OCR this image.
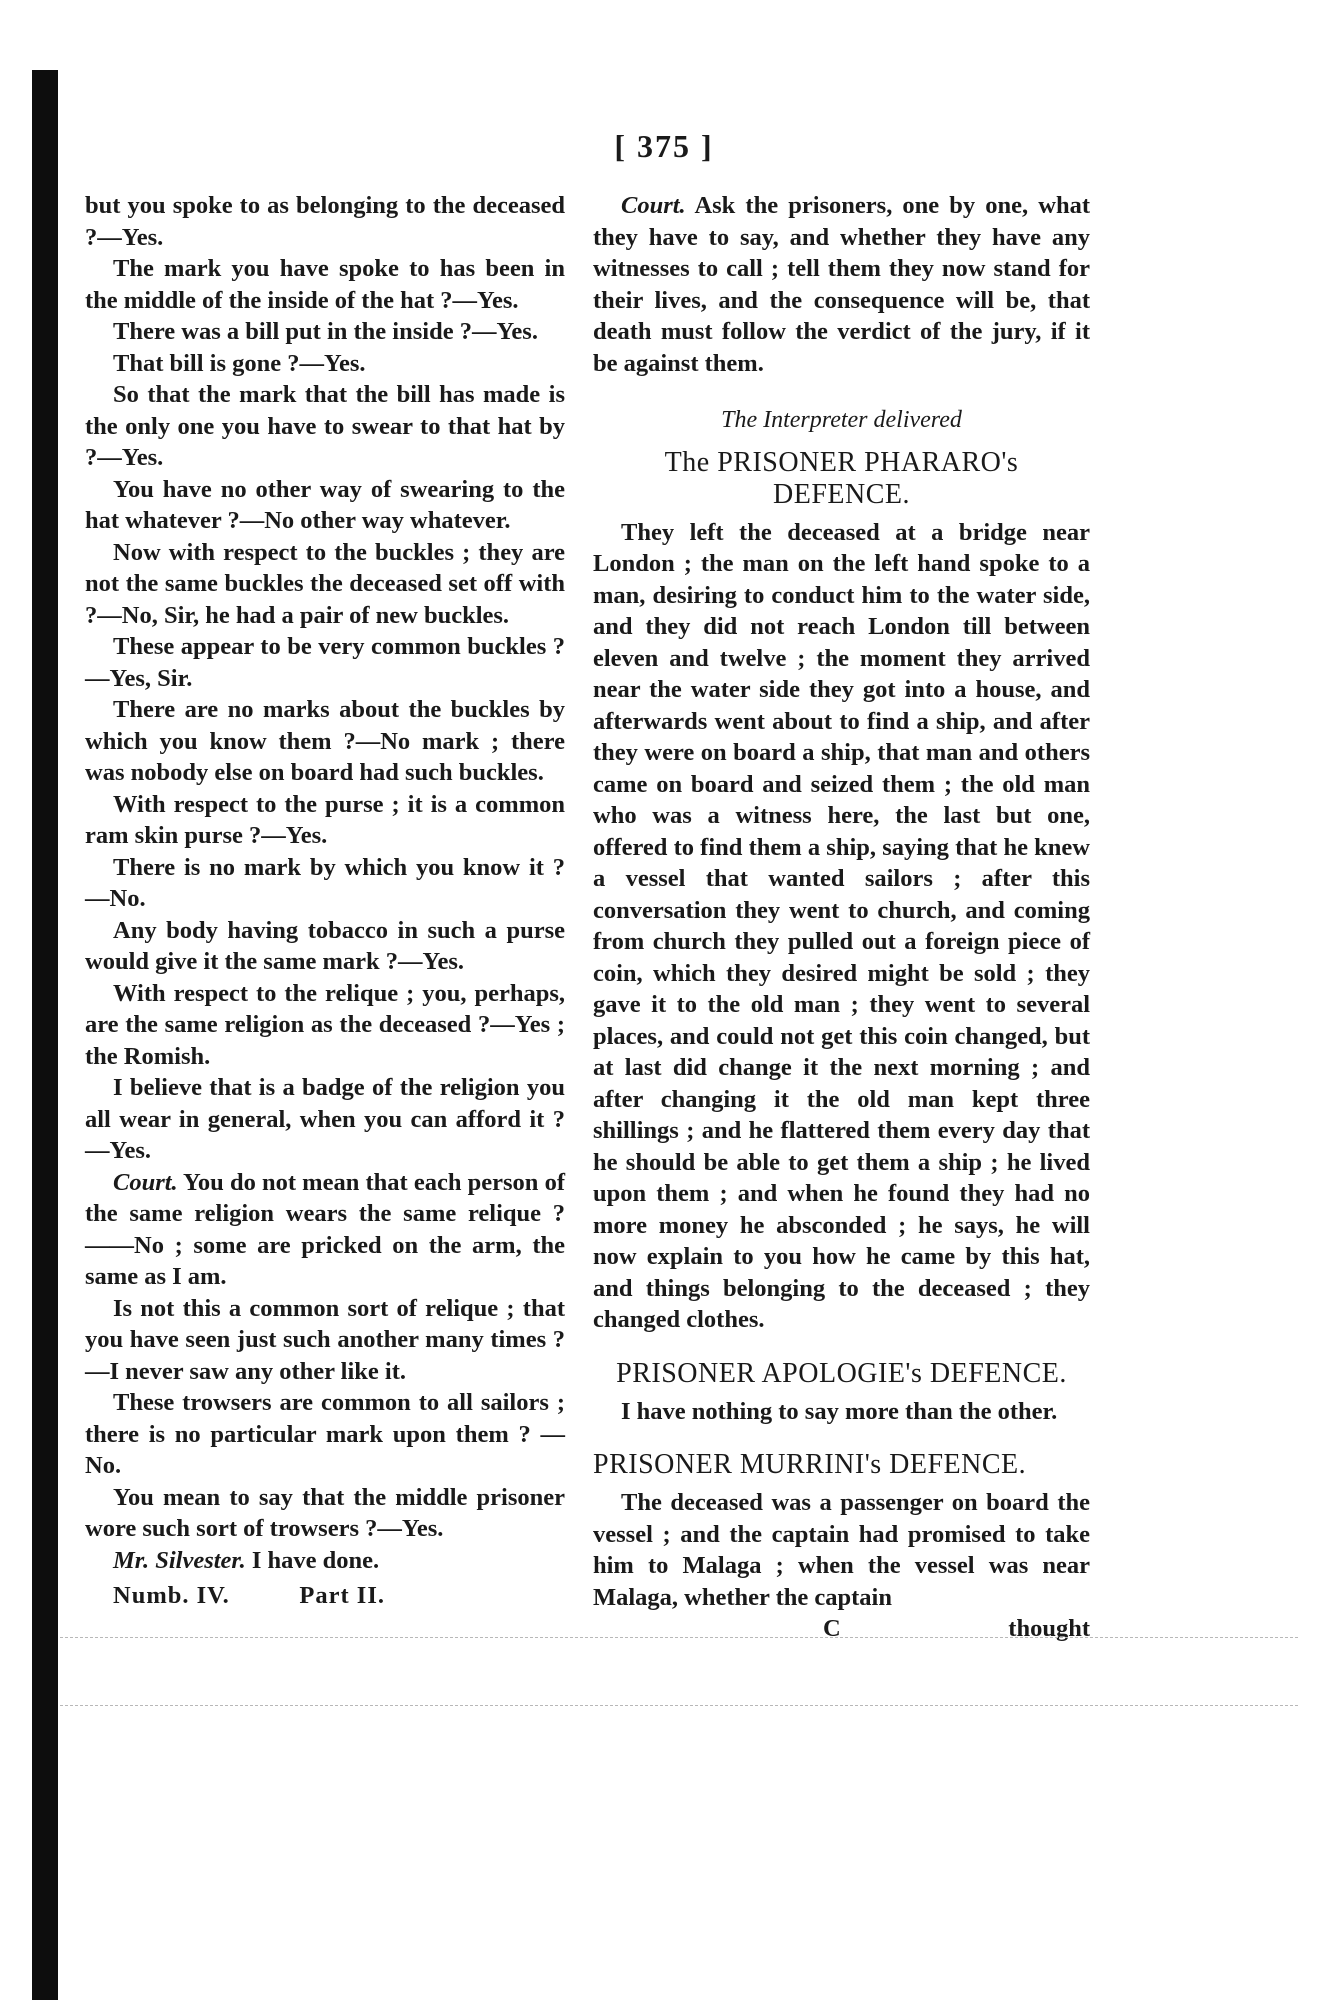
[ 375 ]

but you spoke to as belonging to the deceased ?—Yes.

The mark you have spoke to has been in the middle of the inside of the hat ?—Yes.

There was a bill put in the inside ?—Yes.

That bill is gone ?—Yes.

So that the mark that the bill has made is the only one you have to swear to that hat by ?—Yes.

You have no other way of swearing to the hat whatever ?—No other way whatever.

Now with respect to the buckles ; they are not the same buckles the deceased set off with ?—No, Sir, he had a pair of new buckles.

These appear to be very common buckles ?—Yes, Sir.

There are no marks about the buckles by which you know them ?—No mark ; there was nobody else on board had such buckles.

With respect to the purse ; it is a common ram skin purse ?—Yes.

There is no mark by which you know it ?—No.

Any body having tobacco in such a purse would give it the same mark ?—Yes.

With respect to the relique ; you, perhaps, are the same religion as the deceased ?—Yes ; the Romish.

I believe that is a badge of the religion you all wear in general, when you can afford it ?—Yes.

Court. You do not mean that each person of the same religion wears the same relique ?——No ; some are pricked on the arm, the same as I am.

Is not this a common sort of relique ; that you have seen just such another many times ?—I never saw any other like it.

These trowsers are common to all sailors ; there is no particular mark upon them ? —No.

You mean to say that the middle prisoner wore such sort of trowsers ?—Yes.

Mr. Silvester. I have done.

Numb. IV.	Part II.

Court. Ask the prisoners, one by one, what they have to say, and whether they have any witnesses to call ; tell them they now stand for their lives, and the consequence will be, that death must follow the verdict of the jury, if it be against them.

The Interpreter delivered
The PRISONER PHARARO's DEFENCE.

They left the deceased at a bridge near London ; the man on the left hand spoke to a man, desiring to conduct him to the water side, and they did not reach London till between eleven and twelve ; the moment they arrived near the water side they got into a house, and afterwards went about to find a ship, and after they were on board a ship, that man and others came on board and seized them ; the old man who was a witness here, the last but one, offered to find them a ship, saying that he knew a vessel that wanted sailors ; after this conversation they went to church, and coming from church they pulled out a foreign piece of coin, which they desired might be sold ; they gave it to the old man ; they went to several places, and could not get this coin changed, but at last did change it the next morning ; and after changing it the old man kept three shillings ; and he flattered them every day that he should be able to get them a ship ; he lived upon them ; and when he found they had no more money he absconded ; he says, he will now explain to you how he came by this hat, and things belonging to the deceased ; they changed clothes.

PRISONER APOLOGIE's DEFENCE.

I have nothing to say more than the other.

PRISONER MURRINI's DEFENCE.

The deceased was a passenger on board the vessel ; and the captain had promised to take him to Malaga ; when the vessel was near Malaga, whether the captain

C	thought
